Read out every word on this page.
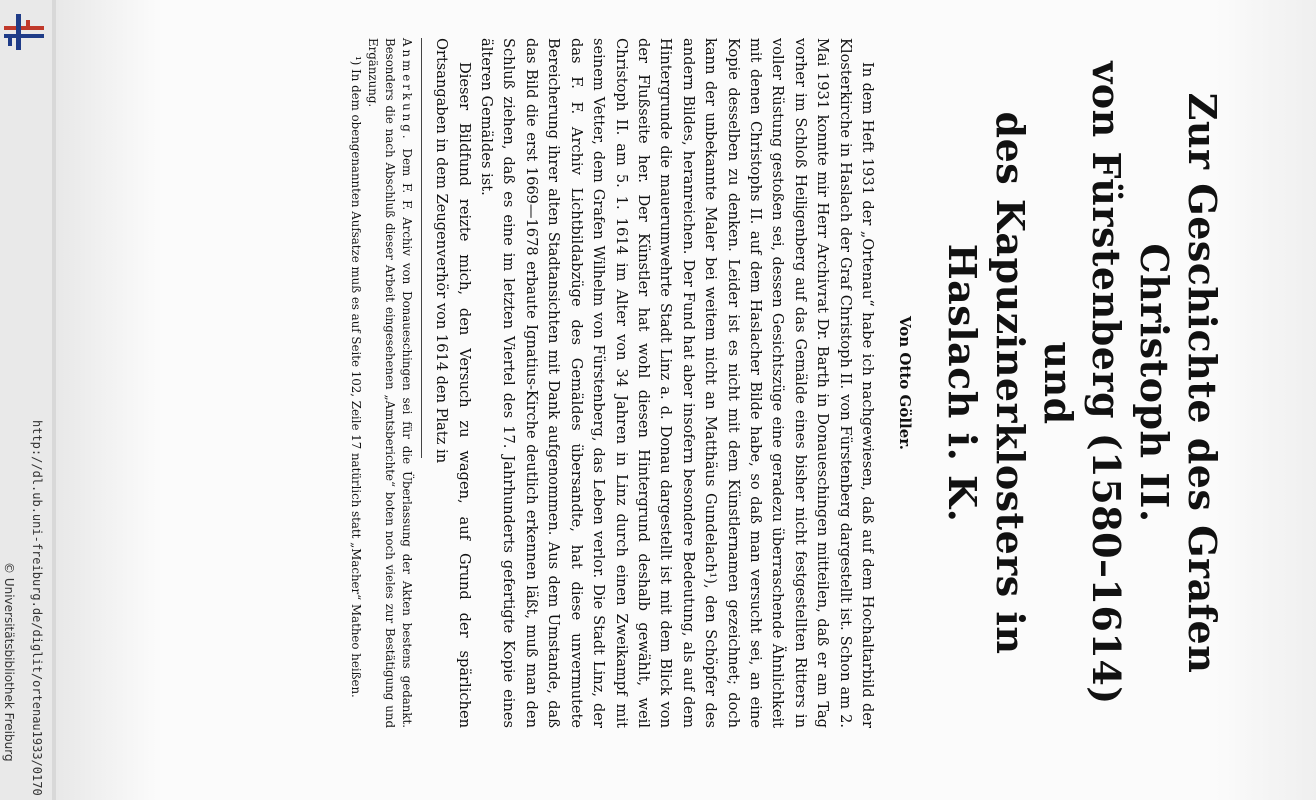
http://dl.ub.uni-freiburg.de/diglit/ortenau1933/0170
© Universitätsbibliothek Freiburg	Zur Geschichte des Grafen Christoph II.
von Fürstenberg (1580–1614) und
des Kapuzinerklosters in Haslach i. K.
Von Otto Göller.

In dem Heft 1931 der „Ortenau“ habe ich nachgewiesen, daß auf dem Hochaltarbild der Klosterkirche in Haslach der Graf Christoph II. von Fürstenberg dargestellt ist. Schon am 2. Mai 1931 konnte mir Herr Archivrat Dr. Barth in Donaueschingen mitteilen, daß er am Tag vorher im Schloß Heiligenberg auf das Gemälde eines bisher nicht festgestellten Ritters in voller Rüstung gestoßen sei, dessen Gesichtszüge eine geradezu überraschende Ähnlichkeit mit denen Christophs II. auf dem Haslacher Bilde habe, so daß man versucht sei, an eine Kopie desselben zu denken. Leider ist es nicht mit dem Künstlernamen gezeichnet; doch kann der unbekannte Maler bei weitem nicht an Matthäus Gundelach¹), den Schöpfer des andern Bildes, heranreichen. Der Fund hat aber insofern besondere Bedeutung, als auf dem Hintergrunde die mauerumwehrte Stadt Linz a. d. Donau dargestellt ist mit dem Blick von der Flußseite her. Der Künstler hat wohl diesen Hintergrund deshalb gewählt, weil Christoph II. am 5. 1. 1614 im Alter von 34 Jahren in Linz durch einen Zweikampf mit seinem Vetter, dem Grafen Wilhelm von Fürstenberg, das Leben verlor. Die Stadt Linz, der das F. F. Archiv Lichtbildabzüge des Gemäldes übersandte, hat diese unvermutete Bereicherung ihrer alten Stadtansichten mit Dank aufgenommen. Aus dem Umstande, daß das Bild die erst 1669—1678 erbaute Ignatius-Kirche deutlich erkennen läßt, muß man den Schluß ziehen, daß es eine im letzten Viertel des 17. Jahrhunderts gefertigte Kopie eines älteren Gemäldes ist.

Dieser Bildfund reizte mich, den Versuch zu wagen, auf Grund der spärlichen Ortsangaben in dem Zeugenverhör von 1614 den Platz in

Anmerkung. Dem F. F. Archiv von Donaueschingen sei für die Überlassung der Akten bestens gedankt. Besonders die nach Abschluß dieser Arbeit eingesehenen „Amtsberichte“ boten noch vieles zur Bestätigung und Ergänzung.

¹) In dem obengenannten Aufsatze muß es auf Seite 102, Zeile 17 natürlich statt „Macher“ Matheo heißen.
